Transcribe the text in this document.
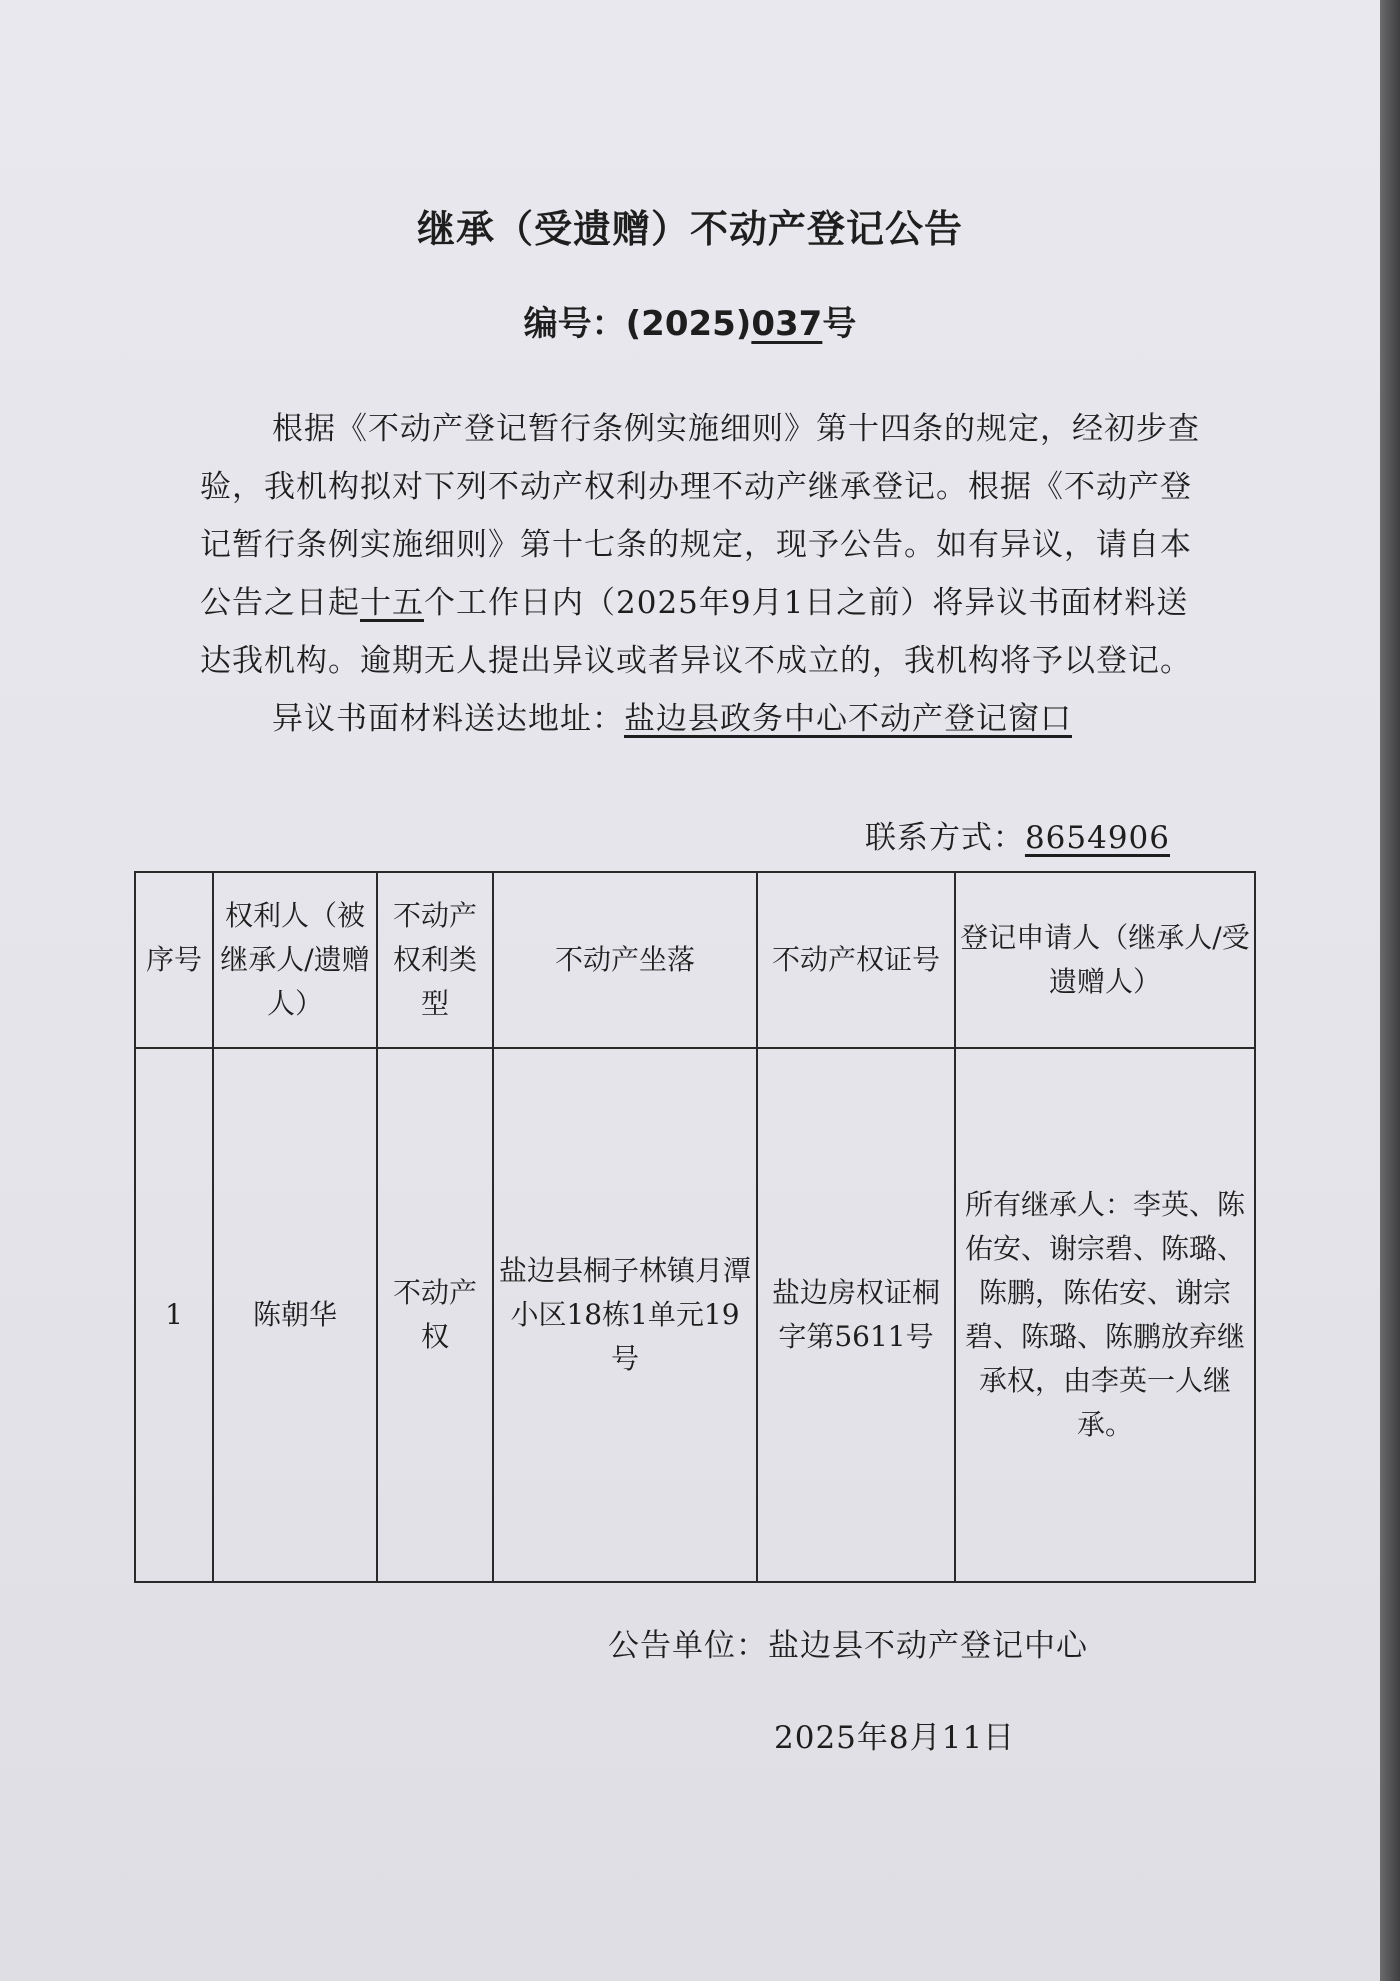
继承（受遗赠）不动产登记公告
编号：(2025)037号

根据《不动产登记暂行条例实施细则》第十四条的规定，经初步查验，我机构拟对下列不动产权利办理不动产继承登记。根据《不动产登记暂行条例实施细则》第十七条的规定，现予公告。如有异议，请自本公告之日起十五个工作日内（2025年9月1日之前）将异议书面材料送达我机构。逾期无人提出异议或者异议不成立的，我机构将予以登记。

异议书面材料送达地址：盐边县政务中心不动产登记窗口

联系方式：8654906
序号	权利人（被继承人/遗赠人）	不动产权利类型	不动产坐落	不动产权证号	登记申请人（继承人/受遗赠人）
1	陈朝华	不动产权	盐边县桐子林镇月潭小区18栋1单元19号	盐边房权证桐字第5611号	所有继承人：李英、陈佑安、谢宗碧、陈璐、陈鹏，陈佑安、谢宗碧、陈璐、陈鹏放弃继承权，由李英一人继承。
公告单位：盐边县不动产登记中心
2025年8月11日
